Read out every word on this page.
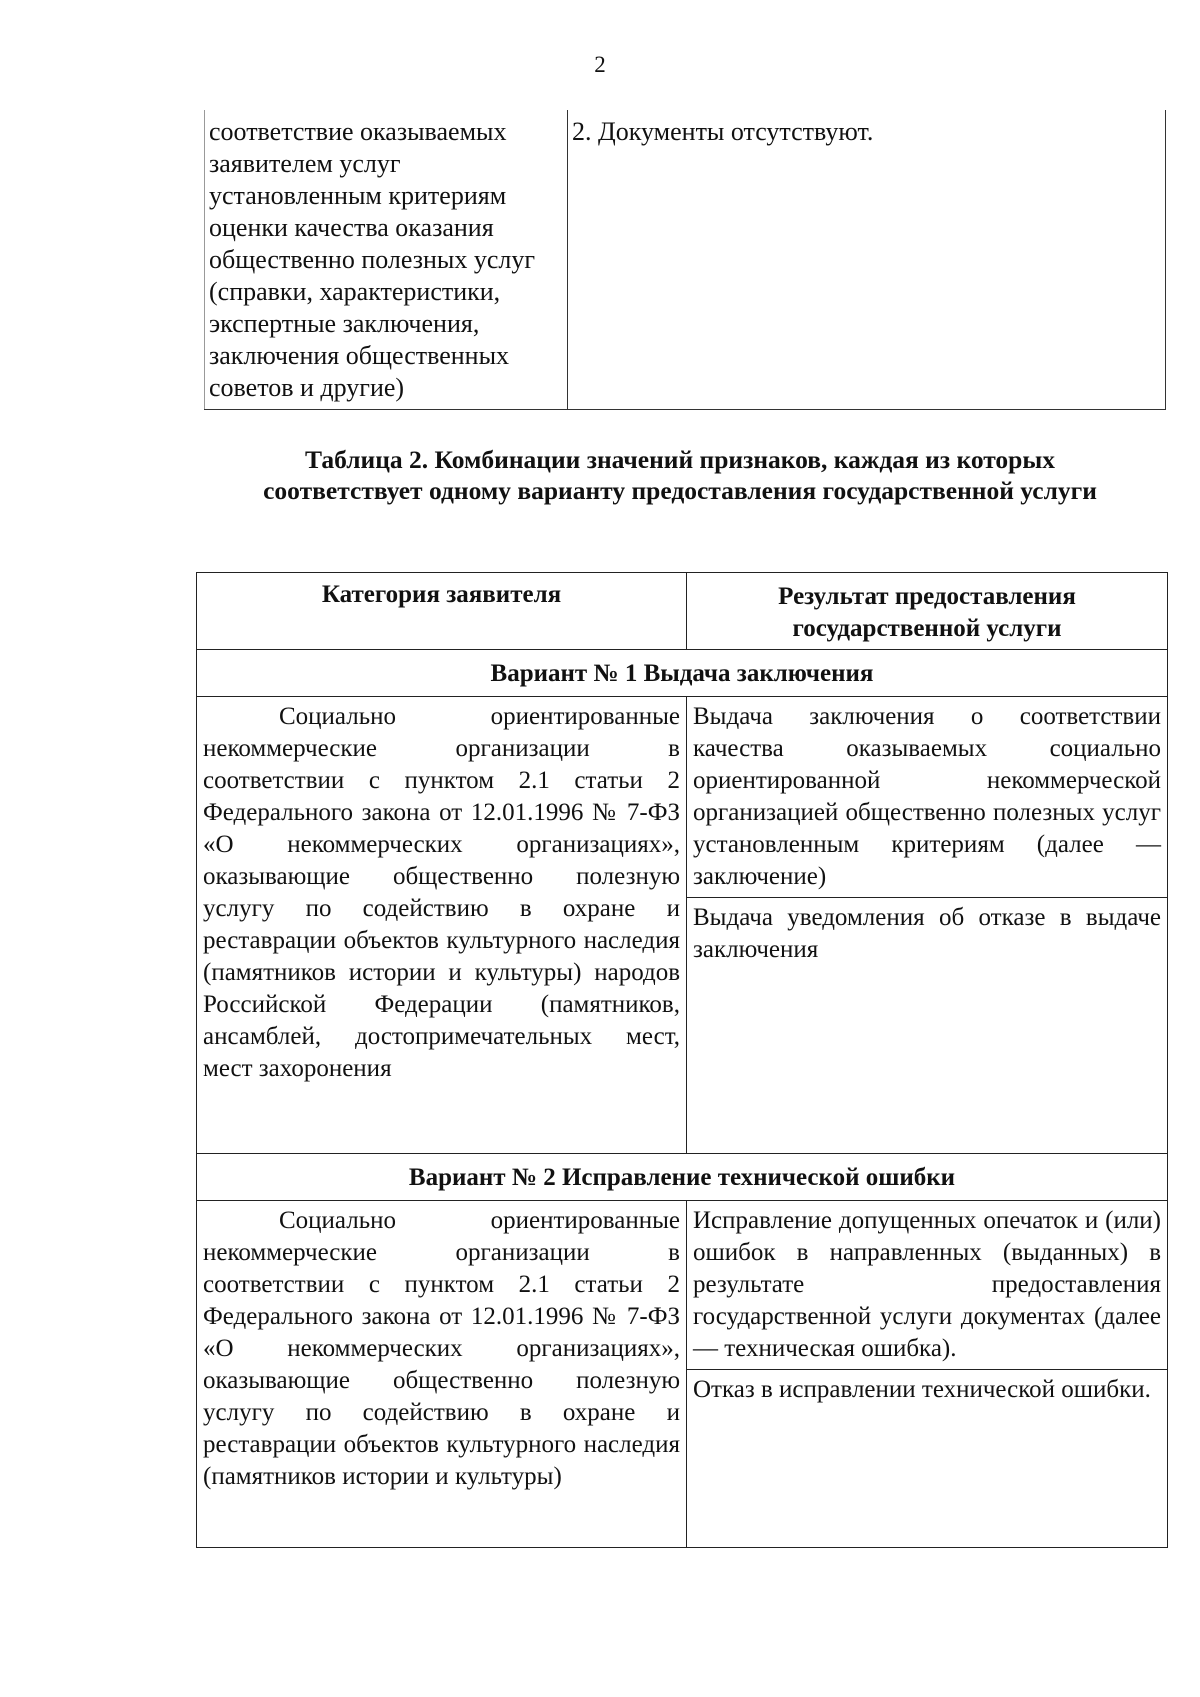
2
соответствие оказываемых заявителем услуг установленным критериям оценки качества оказания общественно полезных услуг (справки, характеристики, экспертные заключения, заключения общественных советов и другие)	2. Документы отсутствуют.
Таблица 2. Комбинации значений признаков, каждая из которых соответствует одному варианту предоставления государственной услуги
Категория заявителя	Результат предоставления государственной услуги
Вариант № 1 Выдача заключения	
Социально ориентированные некоммерческие организации в соответствии с пунктом 2.1 статьи 2 Федерального закона от 12.01.1996 № 7-ФЗ «О некоммерческих организациях», оказывающие общественно полезную услугу по содействию в охране и реставрации объектов культурного наследия (памятников истории и культуры) народов Российской Федерации (памятников, ансамблей, достопримечательных мест, мест захоронения	Выдача заключения о соответствии качества оказываемых социально ориентированной некоммерческой организацией общественно полезных услуг установленным критериям (далее — заключение)
	Выдача уведомления об отказе в выдаче заключения
Вариант № 2 Исправление технической ошибки	
Социально ориентированные некоммерческие организации в соответствии с пунктом 2.1 статьи 2 Федерального закона от 12.01.1996 № 7-ФЗ «О некоммерческих организациях», оказывающие общественно полезную услугу по содействию в охране и реставрации объектов культурного наследия (памятников истории и культуры)	Исправление допущенных опечаток и (или) ошибок в направленных (выданных) в результате предоставления государственной услуги документах (далее — техническая ошибка).
	Отказ в исправлении технической ошибки.
